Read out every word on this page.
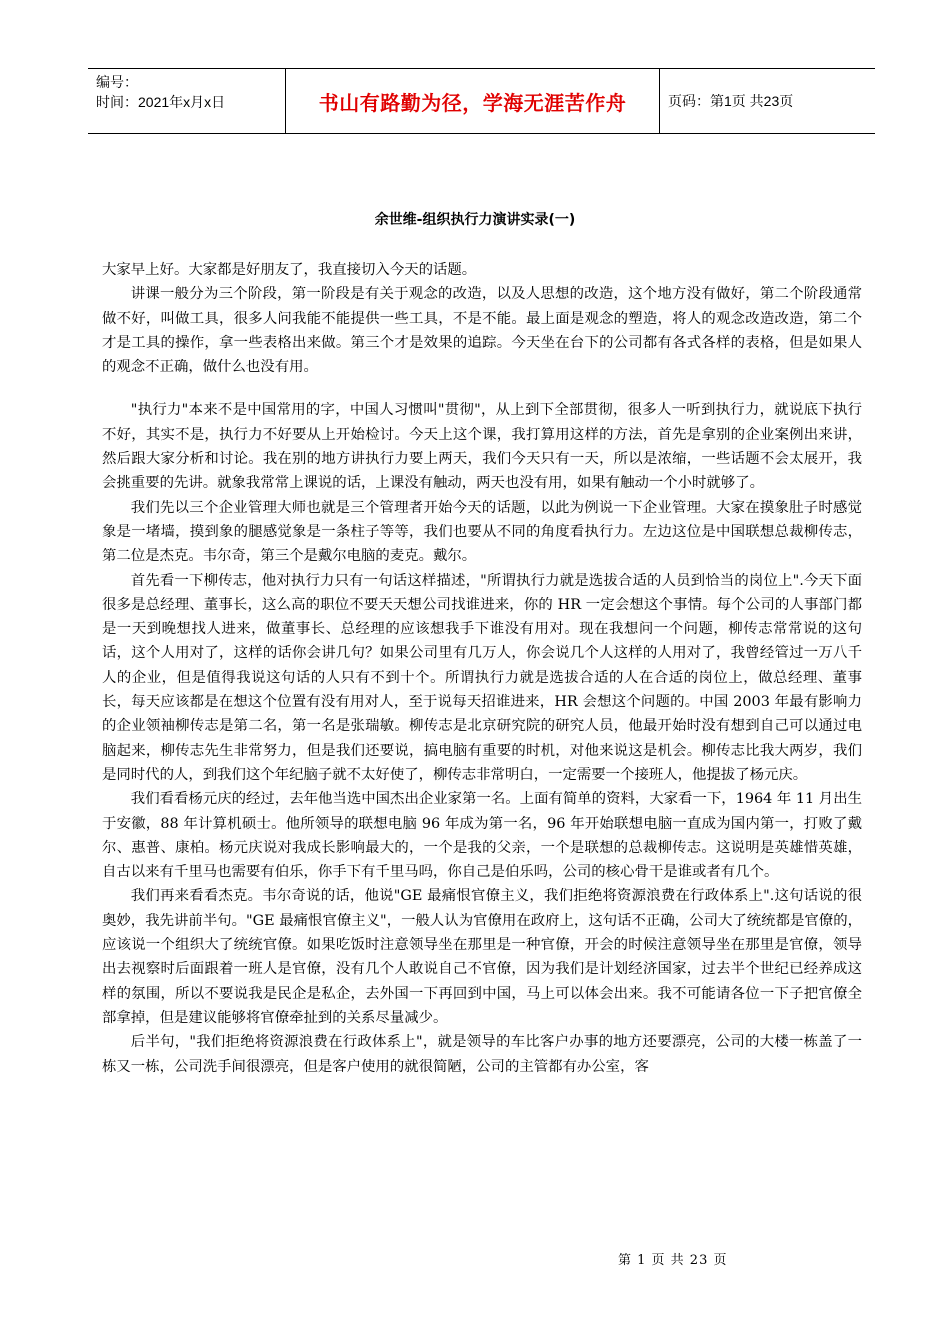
编号：
时间：2021年x月x日	书山有路勤为径，学海无涯苦作舟	页码：第1页 共23页
余世维-组织执行力演讲实录(一)

大家早上好。大家都是好朋友了，我直接切入今天的话题。

讲课一般分为三个阶段，第一阶段是有关于观念的改造，以及人思想的改造，这个地方没有做好，第二个阶段通常做不好，叫做工具，很多人问我能不能提供一些工具，不是不能。最上面是观念的塑造，将人的观念改造改造，第二个才是工具的操作，拿一些表格出来做。第三个才是效果的追踪。今天坐在台下的公司都有各式各样的表格，但是如果人的观念不正确，做什么也没有用。

"执行力"本来不是中国常用的字，中国人习惯叫"贯彻"，从上到下全部贯彻，很多人一听到执行力，就说底下执行不好，其实不是，执行力不好要从上开始检讨。今天上这个课，我打算用这样的方法，首先是拿别的企业案例出来讲，然后跟大家分析和讨论。我在别的地方讲执行力要上两天，我们今天只有一天，所以是浓缩，一些话题不会太展开，我会挑重要的先讲。就象我常常上课说的话，上课没有触动，两天也没有用，如果有触动一个小时就够了。

我们先以三个企业管理大师也就是三个管理者开始今天的话题，以此为例说一下企业管理。大家在摸象肚子时感觉象是一堵墙，摸到象的腿感觉象是一条柱子等等，我们也要从不同的角度看执行力。左边这位是中国联想总裁柳传志，第二位是杰克。韦尔奇，第三个是戴尔电脑的麦克。戴尔。

首先看一下柳传志，他对执行力只有一句话这样描述，"所谓执行力就是选拔合适的人员到恰当的岗位上".今天下面很多是总经理、董事长，这么高的职位不要天天想公司找谁进来，你的 HR 一定会想这个事情。每个公司的人事部门都是一天到晚想找人进来，做董事长、总经理的应该想我手下谁没有用对。现在我想问一个问题，柳传志常常说的这句话，这个人用对了，这样的话你会讲几句？如果公司里有几万人，你会说几个人这样的人用对了，我曾经管过一万八千人的企业，但是值得我说这句话的人只有不到十个。所谓执行力就是选拔合适的人在合适的岗位上，做总经理、董事长，每天应该都是在想这个位置有没有用对人，至于说每天招谁进来，HR 会想这个问题的。中国 2003 年最有影响力的企业领袖柳传志是第二名，第一名是张瑞敏。柳传志是北京研究院的研究人员，他最开始时没有想到自己可以通过电脑起来，柳传志先生非常努力，但是我们还要说，搞电脑有重要的时机，对他来说这是机会。柳传志比我大两岁，我们是同时代的人，到我们这个年纪脑子就不太好使了，柳传志非常明白，一定需要一个接班人，他提拔了杨元庆。

我们看看杨元庆的经过，去年他当选中国杰出企业家第一名。上面有简单的资料，大家看一下，1964 年 11 月出生于安徽，88 年计算机硕士。他所领导的联想电脑 96 年成为第一名，96 年开始联想电脑一直成为国内第一，打败了戴尔、惠普、康柏。杨元庆说对我成长影响最大的，一个是我的父亲，一个是联想的总裁柳传志。这说明是英雄惜英雄，自古以来有千里马也需要有伯乐，你手下有千里马吗，你自己是伯乐吗，公司的核心骨干是谁或者有几个。

我们再来看看杰克。韦尔奇说的话，他说"GE 最痛恨官僚主义，我们拒绝将资源浪费在行政体系上".这句话说的很奥妙，我先讲前半句。"GE 最痛恨官僚主义"，一般人认为官僚用在政府上，这句话不正确，公司大了统统都是官僚的，应该说一个组织大了统统官僚。如果吃饭时注意领导坐在那里是一种官僚，开会的时候注意领导坐在那里是官僚，领导出去视察时后面跟着一班人是官僚，没有几个人敢说自己不官僚，因为我们是计划经济国家，过去半个世纪已经养成这样的氛围，所以不要说我是民企是私企，去外国一下再回到中国，马上可以体会出来。我不可能请各位一下子把官僚全部拿掉，但是建议能够将官僚牵扯到的关系尽量减少。

后半句，"我们拒绝将资源浪费在行政体系上"，就是领导的车比客户办事的地方还要漂亮，公司的大楼一栋盖了一栋又一栋，公司洗手间很漂亮，但是客户使用的就很简陋，公司的主管都有办公室，客

第 1 页 共 23 页
